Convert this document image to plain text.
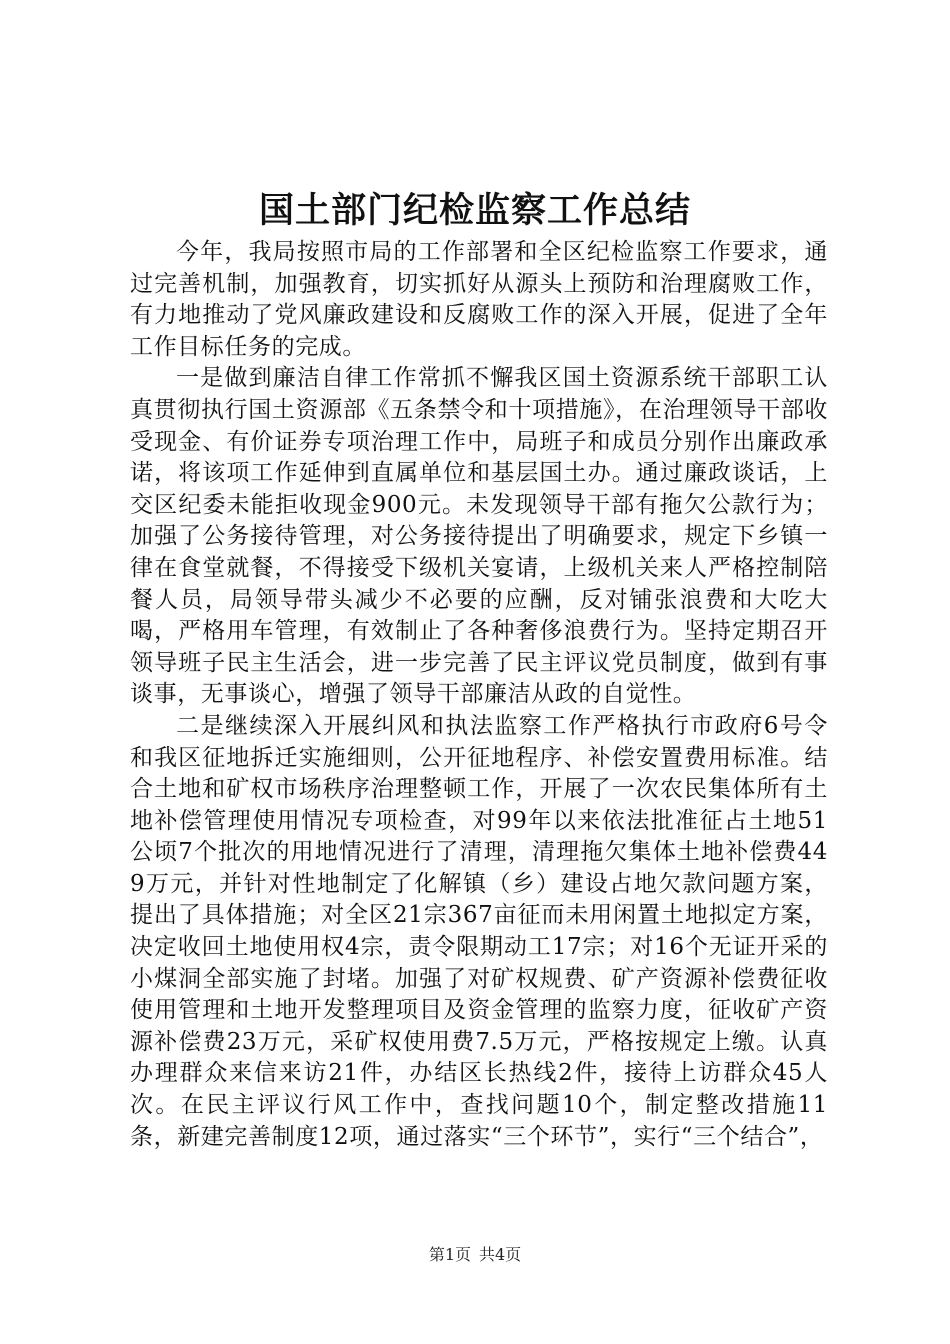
国土部门纪检监察工作总结

今年，我局按照市局的工作部署和全区纪检监察工作要求，通过完善机制，加强教育，切实抓好从源头上预防和治理腐败工作，有力地推动了党风廉政建设和反腐败工作的深入开展，促进了全年工作目标任务的完成。

一是做到廉洁自律工作常抓不懈我区国土资源系统干部职工认真贯彻执行国土资源部《五条禁令和十项措施》，在治理领导干部收受现金、有价证券专项治理工作中，局班子和成员分别作出廉政承诺，将该项工作延伸到直属单位和基层国土办。通过廉政谈话，上交区纪委未能拒收现金900元。未发现领导干部有拖欠公款行为；加强了公务接待管理，对公务接待提出了明确要求，规定下乡镇一律在食堂就餐，不得接受下级机关宴请，上级机关来人严格控制陪餐人员，局领导带头减少不必要的应酬，反对铺张浪费和大吃大喝，严格用车管理，有效制止了各种奢侈浪费行为。坚持定期召开领导班子民主生活会，进一步完善了民主评议党员制度，做到有事谈事，无事谈心，增强了领导干部廉洁从政的自觉性。

二是继续深入开展纠风和执法监察工作严格执行市政府6号令和我区征地拆迁实施细则，公开征地程序、补偿安置费用标准。结合土地和矿权市场秩序治理整顿工作，开展了一次农民集体所有土地补偿管理使用情况专项检查，对99年以来依法批准征占土地51公顷7个批次的用地情况进行了清理，清理拖欠集体土地补偿费449万元，并针对性地制定了化解镇（乡）建设占地欠款问题方案，提出了具体措施；对全区21宗367亩征而未用闲置土地拟定方案，决定收回土地使用权4宗，责令限期动工17宗；对16个无证开采的小煤洞全部实施了封堵。加强了对矿权规费、矿产资源补偿费征收使用管理和土地开发整理项目及资金管理的监察力度，征收矿产资源补偿费23万元，采矿权使用费7.5万元，严格按规定上缴。认真办理群众来信来访21件，办结区长热线2件，接待上访群众45人次。在民主评议行风工作中，查找问题10个，制定整改措施11条，新建完善制度12项，通过落实“三个环节”，实行“三个结合”，

第1页 共4页
